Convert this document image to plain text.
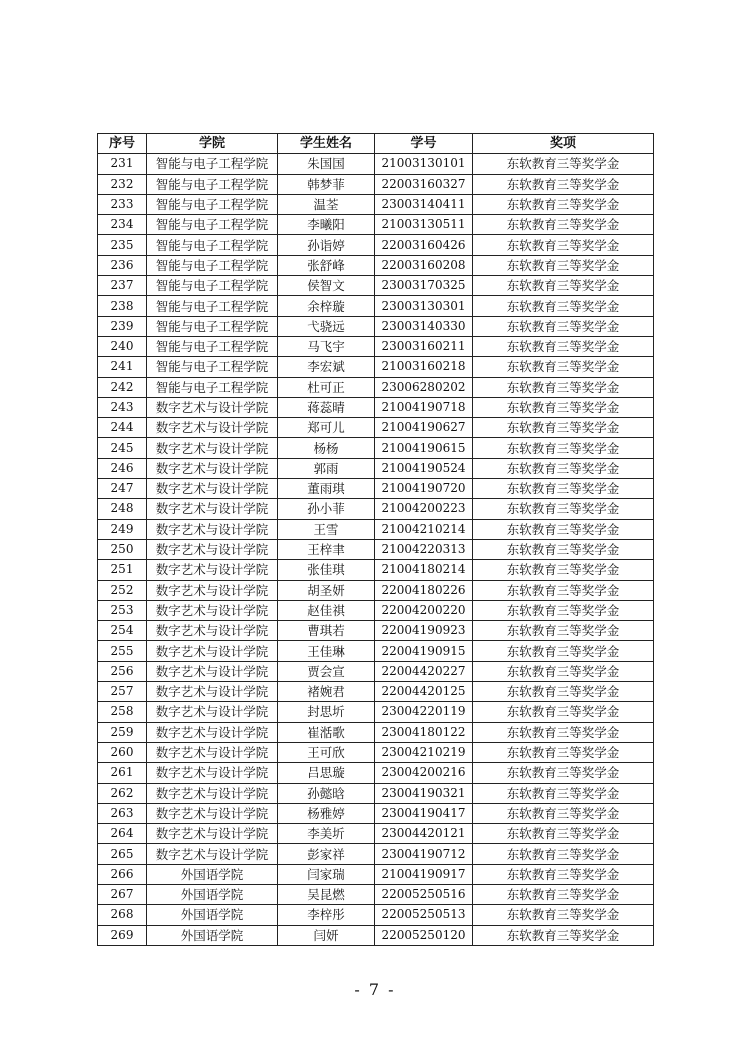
序号	学院	学生姓名	学号	奖项
231	智能与电子工程学院	朱国国	21003130101	东软教育三等奖学金
232	智能与电子工程学院	韩梦菲	22003160327	东软教育三等奖学金
233	智能与电子工程学院	温荃	23003140411	东软教育三等奖学金
234	智能与电子工程学院	李曦阳	21003130511	东软教育三等奖学金
235	智能与电子工程学院	孙诣婷	22003160426	东软教育三等奖学金
236	智能与电子工程学院	张舒峰	22003160208	东软教育三等奖学金
237	智能与电子工程学院	侯智文	23003170325	东软教育三等奖学金
238	智能与电子工程学院	余梓璇	23003130301	东软教育三等奖学金
239	智能与电子工程学院	弋骁远	23003140330	东软教育三等奖学金
240	智能与电子工程学院	马飞宇	23003160211	东软教育三等奖学金
241	智能与电子工程学院	李宏斌	21003160218	东软教育三等奖学金
242	智能与电子工程学院	杜可正	23006280202	东软教育三等奖学金
243	数字艺术与设计学院	蒋蕊晴	21004190718	东软教育三等奖学金
244	数字艺术与设计学院	郑可儿	21004190627	东软教育三等奖学金
245	数字艺术与设计学院	杨杨	21004190615	东软教育三等奖学金
246	数字艺术与设计学院	郭雨	21004190524	东软教育三等奖学金
247	数字艺术与设计学院	董雨琪	21004190720	东软教育三等奖学金
248	数字艺术与设计学院	孙小菲	21004200223	东软教育三等奖学金
249	数字艺术与设计学院	王雪	21004210214	东软教育三等奖学金
250	数字艺术与设计学院	王梓聿	21004220313	东软教育三等奖学金
251	数字艺术与设计学院	张佳琪	21004180214	东软教育三等奖学金
252	数字艺术与设计学院	胡圣妍	22004180226	东软教育三等奖学金
253	数字艺术与设计学院	赵佳祺	22004200220	东软教育三等奖学金
254	数字艺术与设计学院	曹琪若	22004190923	东软教育三等奖学金
255	数字艺术与设计学院	王佳琳	22004190915	东软教育三等奖学金
256	数字艺术与设计学院	贾会宣	22004420227	东软教育三等奖学金
257	数字艺术与设计学院	褚婉君	22004420125	东软教育三等奖学金
258	数字艺术与设计学院	封思圻	23004220119	东软教育三等奖学金
259	数字艺术与设计学院	崔湉歌	23004180122	东软教育三等奖学金
260	数字艺术与设计学院	王可欣	23004210219	东软教育三等奖学金
261	数字艺术与设计学院	吕思璇	23004200216	东软教育三等奖学金
262	数字艺术与设计学院	孙懿晗	23004190321	东软教育三等奖学金
263	数字艺术与设计学院	杨雅婷	23004190417	东软教育三等奖学金
264	数字艺术与设计学院	李美圻	23004420121	东软教育三等奖学金
265	数字艺术与设计学院	彭家祥	23004190712	东软教育三等奖学金
266	外国语学院	闫家瑞	21004190917	东软教育三等奖学金
267	外国语学院	吴昆燃	22005250516	东软教育三等奖学金
268	外国语学院	李梓彤	22005250513	东软教育三等奖学金
269	外国语学院	闫妍	22005250120	东软教育三等奖学金
- 7 -
